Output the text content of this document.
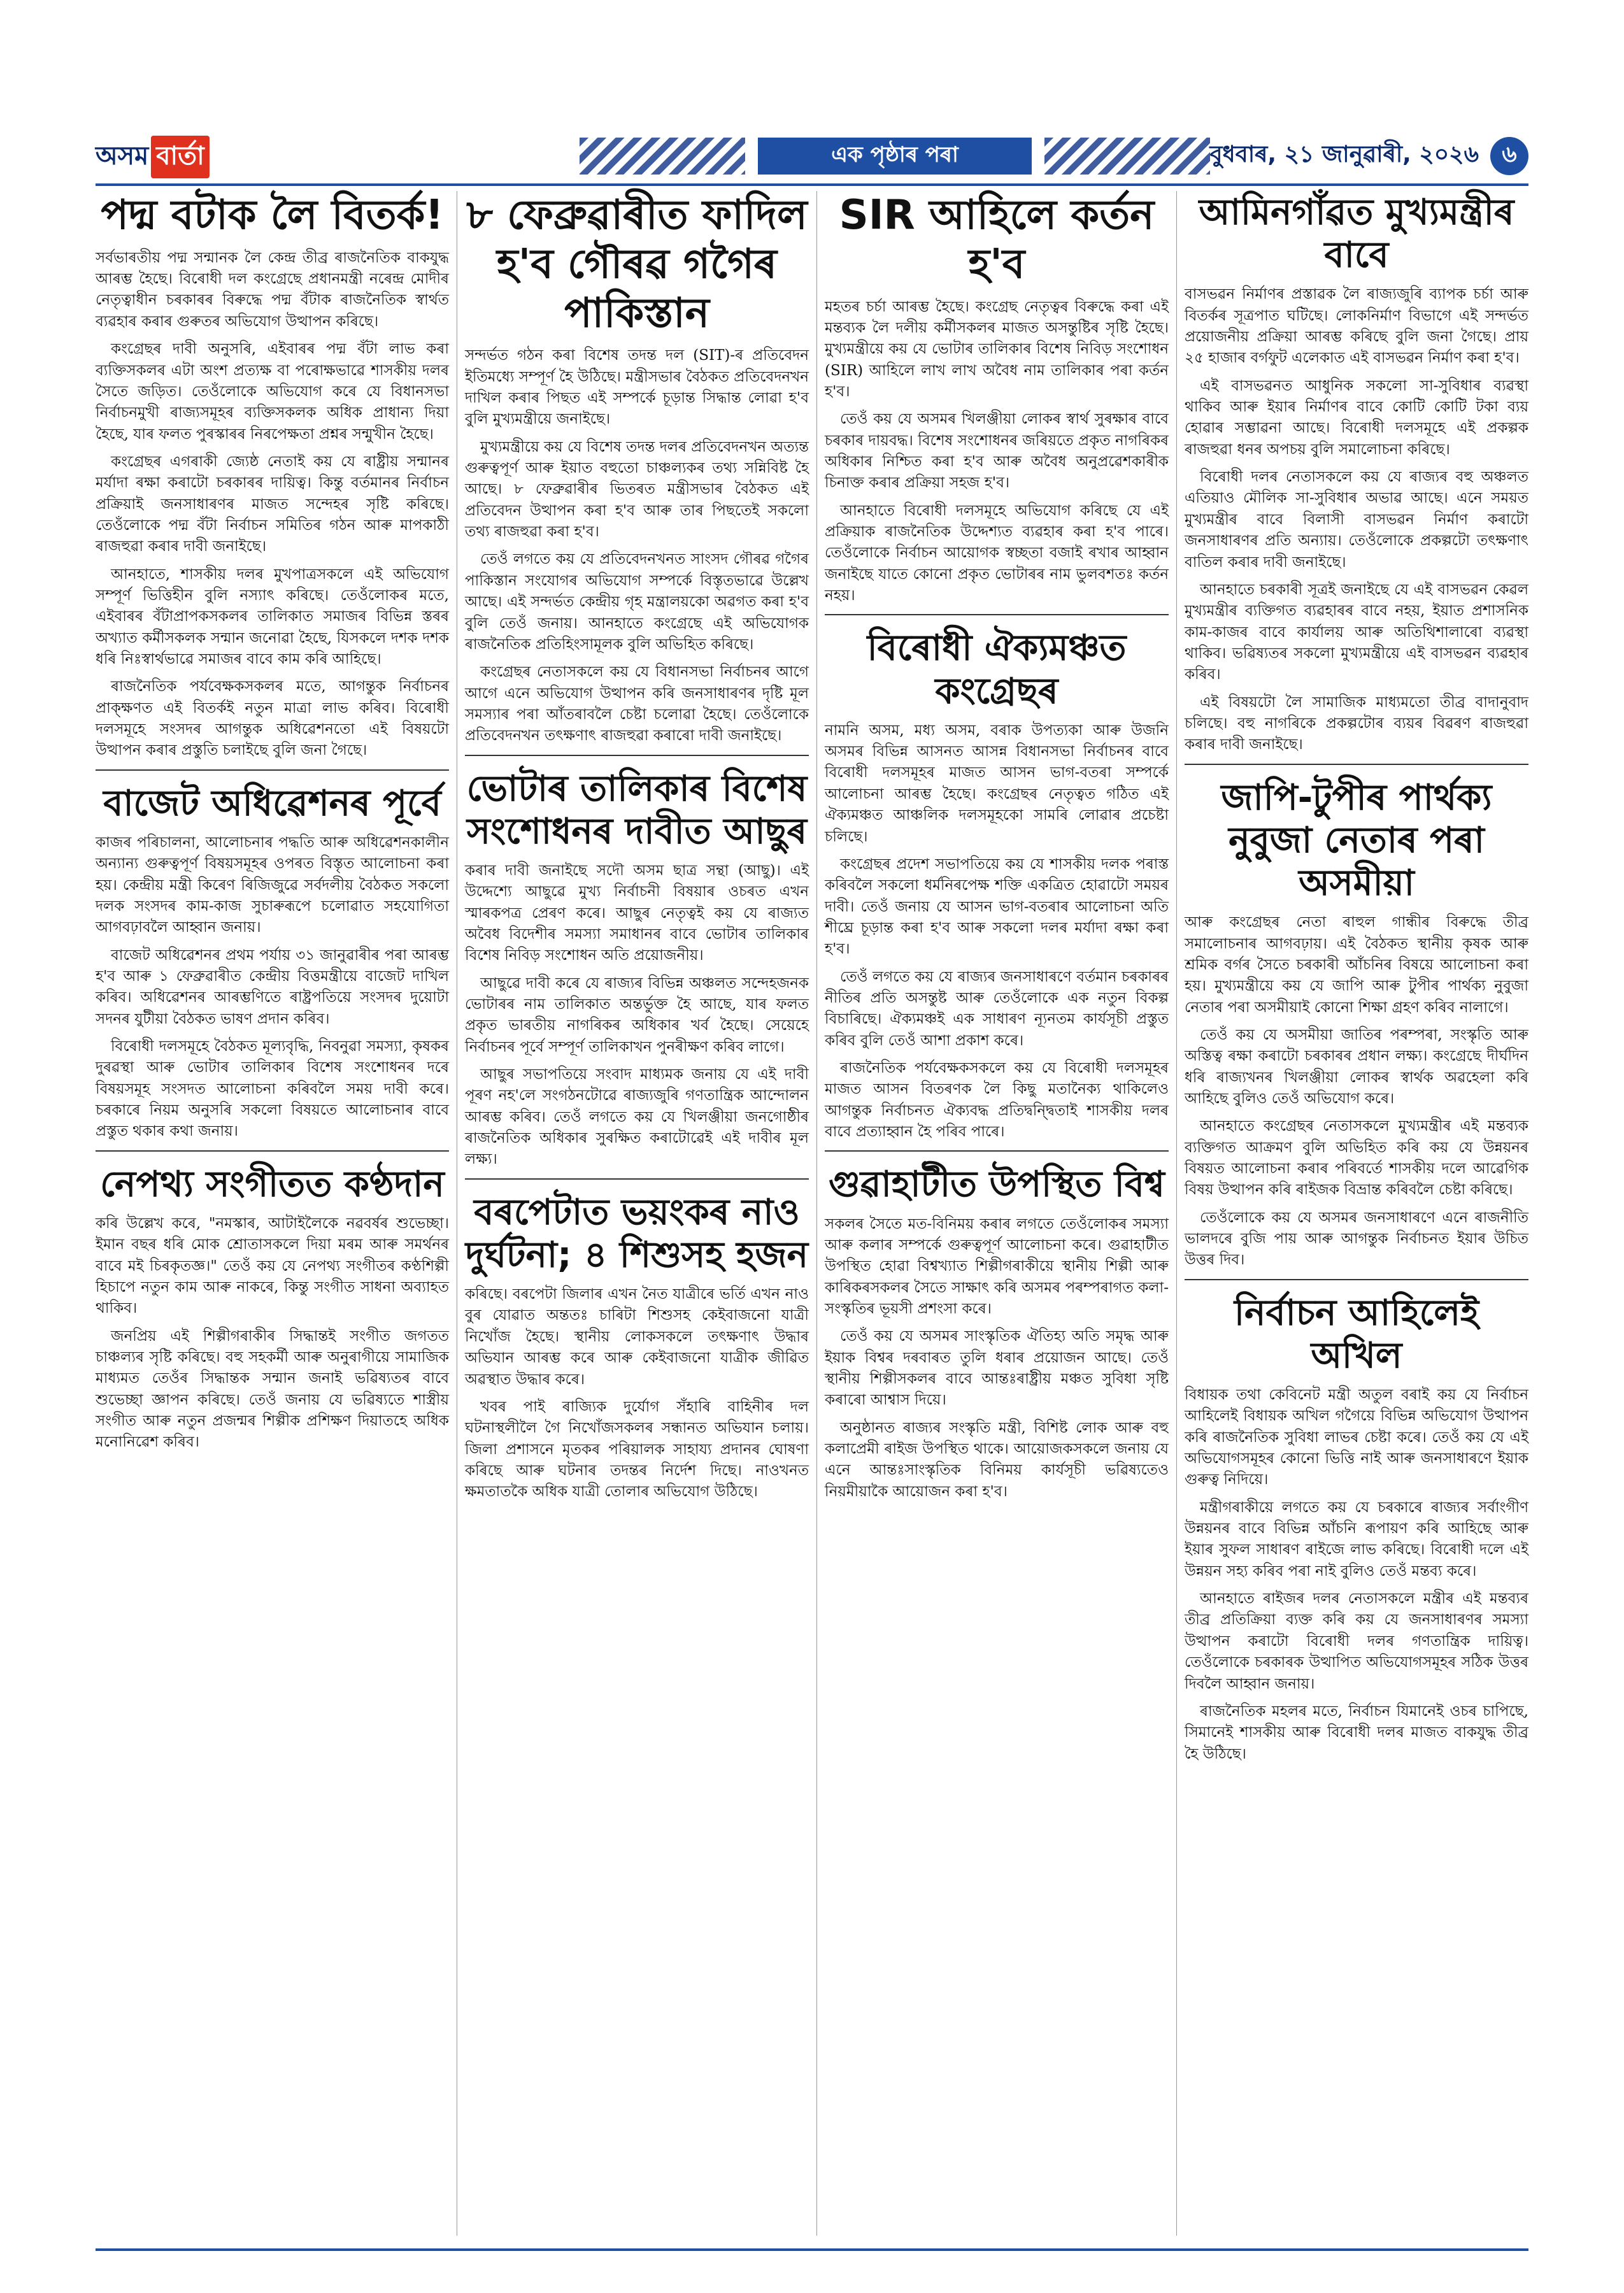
অসম বাৰ্তা	এক পৃষ্ঠাৰ পৰা	বুধবাৰ, ২১ জানুৱাৰী, ২০২৬	৬
পদ্ম বটাক লৈ বিতৰ্ক!

সৰ্বভাৰতীয় পদ্ম সন্মানক লৈ কেন্দ্ৰ তীব্ৰ ৰাজনৈতিক বাকযুদ্ধ আৰম্ভ হৈছে। বিৰোধী দল কংগ্ৰেছে প্ৰধানমন্ত্ৰী নৰেন্দ্ৰ মোদীৰ নেতৃত্বাধীন চৰকাৰৰ বিৰুদ্ধে পদ্ম বঁটাক ৰাজনৈতিক স্বাৰ্থত ব্যৱহাৰ কৰাৰ গুৰুতৰ অভিযোগ উত্থাপন কৰিছে।

কংগ্ৰেছৰ দাবী অনুসৰি, এইবাৰৰ পদ্ম বঁটা লাভ কৰা ব্যক্তিসকলৰ এটা অংশ প্ৰত্যক্ষ বা পৰোক্ষভাৱে শাসকীয় দলৰ সৈতে জড়িত। তেওঁলোকে অভিযোগ কৰে যে বিধানসভা নিৰ্বাচনমুখী ৰাজ্যসমূহৰ ব্যক্তিসকলক অধিক প্ৰাধান্য দিয়া হৈছে, যাৰ ফলত পুৰস্কাৰৰ নিৰপেক্ষতা প্ৰশ্নৰ সন্মুখীন হৈছে।

কংগ্ৰেছৰ এগৰাকী জ্যেষ্ঠ নেতাই কয় যে ৰাষ্ট্ৰীয় সন্মানৰ মৰ্যাদা ৰক্ষা কৰাটো চৰকাৰৰ দায়িত্ব। কিন্তু বৰ্তমানৰ নিৰ্বাচন প্ৰক্ৰিয়াই জনসাধাৰণৰ মাজত সন্দেহৰ সৃষ্টি কৰিছে। তেওঁলোকে পদ্ম বঁটা নিৰ্বাচন সমিতিৰ গঠন আৰু মাপকাঠী ৰাজহুৱা কৰাৰ দাবী জনাইছে।

আনহাতে, শাসকীয় দলৰ মুখপাত্ৰসকলে এই অভিযোগ সম্পূৰ্ণ ভিত্তিহীন বুলি নস্যাৎ কৰিছে। তেওঁলোকৰ মতে, এইবাৰৰ বঁটাপ্ৰাপকসকলৰ তালিকাত সমাজৰ বিভিন্ন স্তৰৰ অখ্যাত কৰ্মীসকলক সন্মান জনোৱা হৈছে, যিসকলে দশক দশক ধৰি নিঃস্বাৰ্থভাৱে সমাজৰ বাবে কাম কৰি আহিছে।

ৰাজনৈতিক পৰ্যবেক্ষকসকলৰ মতে, আগন্তুক নিৰ্বাচনৰ প্ৰাক্ক্ষণত এই বিতৰ্কই নতুন মাত্ৰা লাভ কৰিব। বিৰোধী দলসমূহে সংসদৰ আগন্তুক অধিৱেশনতো এই বিষয়টো উত্থাপন কৰাৰ প্ৰস্তুতি চলাইছে বুলি জনা গৈছে।

বাজেট অধিৱেশনৰ পূৰ্বে

কাজৰ পৰিচালনা, আলোচনাৰ পদ্ধতি আৰু অধিৱেশনকালীন অন্যান্য গুৰুত্বপূৰ্ণ বিষয়সমূহৰ ওপৰত বিস্তৃত আলোচনা কৰা হয়। কেন্দ্ৰীয় মন্ত্ৰী কিৰেণ ৰিজিজুৱে সৰ্বদলীয় বৈঠকত সকলো দলক সংসদৰ কাম-কাজ সুচাৰুৰূপে চলোৱাত সহযোগিতা আগবঢ়াবলৈ আহ্বান জনায়।

বাজেট অধিৱেশনৰ প্ৰথম পৰ্যায় ৩১ জানুৱাৰীৰ পৰা আৰম্ভ হ'ব আৰু ১ ফেব্ৰুৱাৰীত কেন্দ্ৰীয় বিত্তমন্ত্ৰীয়ে বাজেট দাখিল কৰিব। অধিৱেশনৰ আৰম্ভণিতে ৰাষ্ট্ৰপতিয়ে সংসদৰ দুয়োটা সদনৰ যুটীয়া বৈঠকত ভাষণ প্ৰদান কৰিব।

বিৰোধী দলসমূহে বৈঠকত মূল্যবৃদ্ধি, নিবনুৱা সমস্যা, কৃষকৰ দুৰৱস্থা আৰু ভোটাৰ তালিকাৰ বিশেষ সংশোধনৰ দৰে বিষয়সমূহ সংসদত আলোচনা কৰিবলৈ সময় দাবী কৰে। চৰকাৰে নিয়ম অনুসৰি সকলো বিষয়তে আলোচনাৰ বাবে প্ৰস্তুত থকাৰ কথা জনায়।

নেপথ্য সংগীতত কণ্ঠদান

কৰি উল্লেখ কৰে, "নমস্কাৰ, আটাইলৈকে নৱবৰ্ষৰ শুভেচ্ছা। ইমান বছৰ ধৰি মোক শ্ৰোতাসকলে দিয়া মৰম আৰু সমৰ্থনৰ বাবে মই চিৰকৃতজ্ঞ।" তেওঁ কয় যে নেপথ্য সংগীতৰ কণ্ঠশিল্পী হিচাপে নতুন কাম আৰু নাকৰে, কিন্তু সংগীত সাধনা অব্যাহত থাকিব।

জনপ্ৰিয় এই শিল্পীগৰাকীৰ সিদ্ধান্তই সংগীত জগতত চাঞ্চল্যৰ সৃষ্টি কৰিছে। বহু সহকৰ্মী আৰু অনুৰাগীয়ে সামাজিক মাধ্যমত তেওঁৰ সিদ্ধান্তক সন্মান জনাই ভৱিষ্যতৰ বাবে শুভেচ্ছা জ্ঞাপন কৰিছে। তেওঁ জনায় যে ভৱিষ্যতে শাস্ত্ৰীয় সংগীত আৰু নতুন প্ৰজন্মৰ শিল্পীক প্ৰশিক্ষণ দিয়াতহে অধিক মনোনিৱেশ কৰিব।

৮ ফেব্ৰুৱাৰীত ফাদিল হ'ব গৌৰৱ গগৈৰ পাকিস্তান

সন্দৰ্ভত গঠন কৰা বিশেষ তদন্ত দল (SIT)-ৰ প্ৰতিবেদন ইতিমধ্যে সম্পূৰ্ণ হৈ উঠিছে। মন্ত্ৰীসভাৰ বৈঠকত প্ৰতিবেদনখন দাখিল কৰাৰ পিছত এই সম্পৰ্কে চূড়ান্ত সিদ্ধান্ত লোৱা হ'ব বুলি মুখ্যমন্ত্ৰীয়ে জনাইছে।

মুখ্যমন্ত্ৰীয়ে কয় যে বিশেষ তদন্ত দলৰ প্ৰতিবেদনখন অত্যন্ত গুৰুত্বপূৰ্ণ আৰু ইয়াত বহুতো চাঞ্চল্যকৰ তথ্য সন্নিবিষ্ট হৈ আছে। ৮ ফেব্ৰুৱাৰীৰ ভিতৰত মন্ত্ৰীসভাৰ বৈঠকত এই প্ৰতিবেদন উত্থাপন কৰা হ'ব আৰু তাৰ পিছতেই সকলো তথ্য ৰাজহুৱা কৰা হ'ব।

তেওঁ লগতে কয় যে প্ৰতিবেদনখনত সাংসদ গৌৰৱ গগৈৰ পাকিস্তান সংযোগৰ অভিযোগ সম্পৰ্কে বিস্তৃতভাৱে উল্লেখ আছে। এই সন্দৰ্ভত কেন্দ্ৰীয় গৃহ মন্ত্ৰালয়কো অৱগত কৰা হ'ব বুলি তেওঁ জনায়। আনহাতে কংগ্ৰেছে এই অভিযোগক ৰাজনৈতিক প্ৰতিহিংসামূলক বুলি অভিহিত কৰিছে।

কংগ্ৰেছৰ নেতাসকলে কয় যে বিধানসভা নিৰ্বাচনৰ আগে আগে এনে অভিযোগ উত্থাপন কৰি জনসাধাৰণৰ দৃষ্টি মূল সমস্যাৰ পৰা আঁতৰাবলৈ চেষ্টা চলোৱা হৈছে। তেওঁলোকে প্ৰতিবেদনখন তৎক্ষণাৎ ৰাজহুৱা কৰাৰো দাবী জনাইছে।

ভোটাৰ তালিকাৰ বিশেষ সংশোধনৰ দাবীত আছুৰ

কৰাৰ দাবী জনাইছে সদৌ অসম ছাত্ৰ সন্থা (আছু)। এই উদ্দেশ্যে আছুৱে মুখ্য নিৰ্বাচনী বিষয়াৰ ওচৰত এখন স্মাৰকপত্ৰ প্ৰেৰণ কৰে। আছুৰ নেতৃত্বই কয় যে ৰাজ্যত অবৈধ বিদেশীৰ সমস্যা সমাধানৰ বাবে ভোটাৰ তালিকাৰ বিশেষ নিবিড় সংশোধন অতি প্ৰয়োজনীয়।

আছুৱে দাবী কৰে যে ৰাজ্যৰ বিভিন্ন অঞ্চলত সন্দেহজনক ভোটাৰৰ নাম তালিকাত অন্তৰ্ভুক্ত হৈ আছে, যাৰ ফলত প্ৰকৃত ভাৰতীয় নাগৰিকৰ অধিকাৰ খৰ্ব হৈছে। সেয়েহে নিৰ্বাচনৰ পূৰ্বে সম্পূৰ্ণ তালিকাখন পুনৰীক্ষণ কৰিব লাগে।

আছুৰ সভাপতিয়ে সংবাদ মাধ্যমক জনায় যে এই দাবী পূৰণ নহ'লে সংগঠনটোৱে ৰাজ্যজুৰি গণতান্ত্ৰিক আন্দোলন আৰম্ভ কৰিব। তেওঁ লগতে কয় যে খিলঞ্জীয়া জনগোষ্ঠীৰ ৰাজনৈতিক অধিকাৰ সুৰক্ষিত কৰাটোৱেই এই দাবীৰ মূল লক্ষ্য।

বৰপেটাত ভয়ংকৰ নাও দুৰ্ঘটনা; ৪ শিশুসহ হজন

কৰিছে। বৰপেটা জিলাৰ এখন নৈত যাত্ৰীৰে ভৰ্তি এখন নাও বুৰ যোৱাত অন্ততঃ চাৰিটা শিশুসহ কেইবাজনো যাত্ৰী নিখোঁজ হৈছে। স্থানীয় লোকসকলে তৎক্ষণাৎ উদ্ধাৰ অভিযান আৰম্ভ কৰে আৰু কেইবাজনো যাত্ৰীক জীৱিত অৱস্থাত উদ্ধাৰ কৰে।

খবৰ পাই ৰাজ্যিক দুৰ্যোগ সঁহাৰি বাহিনীৰ দল ঘটনাস্থলীলৈ গৈ নিখোঁজসকলৰ সন্ধানত অভিযান চলায়। জিলা প্ৰশাসনে মৃতকৰ পৰিয়ালক সাহায্য প্ৰদানৰ ঘোষণা কৰিছে আৰু ঘটনাৰ তদন্তৰ নিৰ্দেশ দিছে। নাওখনত ক্ষমতাতকৈ অধিক যাত্ৰী তোলাৰ অভিযোগ উঠিছে।

SIR আহিলে কৰ্তন হ'ব

মহতৰ চৰ্চা আৰম্ভ হৈছে। কংগ্ৰেছ নেতৃত্বৰ বিৰুদ্ধে কৰা এই মন্তব্যক লৈ দলীয় কৰ্মীসকলৰ মাজত অসন্তুষ্টিৰ সৃষ্টি হৈছে। মুখ্যমন্ত্ৰীয়ে কয় যে ভোটাৰ তালিকাৰ বিশেষ নিবিড় সংশোধন (SIR) আহিলে লাখ লাখ অবৈধ নাম তালিকাৰ পৰা কৰ্তন হ'ব।

তেওঁ কয় যে অসমৰ খিলঞ্জীয়া লোকৰ স্বাৰ্থ সুৰক্ষাৰ বাবে চৰকাৰ দায়বদ্ধ। বিশেষ সংশোধনৰ জৰিয়তে প্ৰকৃত নাগৰিকৰ অধিকাৰ নিশ্চিত কৰা হ'ব আৰু অবৈধ অনুপ্ৰৱেশকাৰীক চিনাক্ত কৰাৰ প্ৰক্ৰিয়া সহজ হ'ব।

আনহাতে বিৰোধী দলসমূহে অভিযোগ কৰিছে যে এই প্ৰক্ৰিয়াক ৰাজনৈতিক উদ্দেশ্যত ব্যৱহাৰ কৰা হ'ব পাৰে। তেওঁলোকে নিৰ্বাচন আয়োগক স্বচ্ছতা বজাই ৰখাৰ আহ্বান জনাইছে যাতে কোনো প্ৰকৃত ভোটাৰৰ নাম ভুলবশতঃ কৰ্তন নহয়।

বিৰোধী ঐক্যমঞ্চত কংগ্ৰেছৰ

নামনি অসম, মধ্য অসম, বৰাক উপত্যকা আৰু উজনি অসমৰ বিভিন্ন আসনত আসন্ন বিধানসভা নিৰ্বাচনৰ বাবে বিৰোধী দলসমূহৰ মাজত আসন ভাগ-বতৰা সম্পৰ্কে আলোচনা আৰম্ভ হৈছে। কংগ্ৰেছৰ নেতৃত্বত গঠিত এই ঐক্যমঞ্চত আঞ্চলিক দলসমূহকো সামৰি লোৱাৰ প্ৰচেষ্টা চলিছে।

কংগ্ৰেছৰ প্ৰদেশ সভাপতিয়ে কয় যে শাসকীয় দলক পৰাস্ত কৰিবলৈ সকলো ধৰ্মনিৰপেক্ষ শক্তি একত্ৰিত হোৱাটো সময়ৰ দাবী। তেওঁ জনায় যে আসন ভাগ-বতৰাৰ আলোচনা অতি শীঘ্ৰে চূড়ান্ত কৰা হ'ব আৰু সকলো দলৰ মৰ্যাদা ৰক্ষা কৰা হ'ব।

তেওঁ লগতে কয় যে ৰাজ্যৰ জনসাধাৰণে বৰ্তমান চৰকাৰৰ নীতিৰ প্ৰতি অসন্তুষ্ট আৰু তেওঁলোকে এক নতুন বিকল্প বিচাৰিছে। ঐক্যমঞ্চই এক সাধাৰণ ন্যূনতম কাৰ্যসূচী প্ৰস্তুত কৰিব বুলি তেওঁ আশা প্ৰকাশ কৰে।

ৰাজনৈতিক পৰ্যবেক্ষকসকলে কয় যে বিৰোধী দলসমূহৰ মাজত আসন বিতৰণক লৈ কিছু মতানৈক্য থাকিলেও আগন্তুক নিৰ্বাচনত ঐক্যবদ্ধ প্ৰতিদ্বন্দ্বিতাই শাসকীয় দলৰ বাবে প্ৰত্যাহ্বান হৈ পৰিব পাৰে।

গুৱাহাটীত উপস্থিত বিশ্ব

সকলৰ সৈতে মত-বিনিময় কৰাৰ লগতে তেওঁলোকৰ সমস্যা আৰু কলাৰ সম্পৰ্কে গুৰুত্বপূৰ্ণ আলোচনা কৰে। গুৱাহাটীত উপস্থিত হোৱা বিশ্বখ্যাত শিল্পীগৰাকীয়ে স্থানীয় শিল্পী আৰু কাৰিকৰসকলৰ সৈতে সাক্ষাৎ কৰি অসমৰ পৰম্পৰাগত কলা-সংস্কৃতিৰ ভূয়সী প্ৰশংসা কৰে।

তেওঁ কয় যে অসমৰ সাংস্কৃতিক ঐতিহ্য অতি সমৃদ্ধ আৰু ইয়াক বিশ্বৰ দৰবাৰত তুলি ধৰাৰ প্ৰয়োজন আছে। তেওঁ স্থানীয় শিল্পীসকলৰ বাবে আন্তঃৰাষ্ট্ৰীয় মঞ্চত সুবিধা সৃষ্টি কৰাৰো আশ্বাস দিয়ে।

অনুষ্ঠানত ৰাজ্যৰ সংস্কৃতি মন্ত্ৰী, বিশিষ্ট লোক আৰু বহু কলাপ্ৰেমী ৰাইজ উপস্থিত থাকে। আয়োজকসকলে জনায় যে এনে আন্তঃসাংস্কৃতিক বিনিময় কাৰ্যসূচী ভৱিষ্যতেও নিয়মীয়াকৈ আয়োজন কৰা হ'ব।

আমিনগাঁৱত মুখ্যমন্ত্ৰীৰ বাবে

বাসভৱন নিৰ্মাণৰ প্ৰস্তাৱক লৈ ৰাজ্যজুৰি ব্যাপক চৰ্চা আৰু বিতৰ্কৰ সূত্ৰপাত ঘটিছে। লোকনিৰ্মাণ বিভাগে এই সন্দৰ্ভত প্ৰয়োজনীয় প্ৰক্ৰিয়া আৰম্ভ কৰিছে বুলি জনা গৈছে। প্ৰায় ২৫ হাজাৰ বৰ্গফুট এলেকাত এই বাসভৱন নিৰ্মাণ কৰা হ'ব।

এই বাসভৱনত আধুনিক সকলো সা-সুবিধাৰ ব্যৱস্থা থাকিব আৰু ইয়াৰ নিৰ্মাণৰ বাবে কোটি কোটি টকা ব্যয় হোৱাৰ সম্ভাৱনা আছে। বিৰোধী দলসমূহে এই প্ৰকল্পক ৰাজহুৱা ধনৰ অপচয় বুলি সমালোচনা কৰিছে।

বিৰোধী দলৰ নেতাসকলে কয় যে ৰাজ্যৰ বহু অঞ্চলত এতিয়াও মৌলিক সা-সুবিধাৰ অভাৱ আছে। এনে সময়ত মুখ্যমন্ত্ৰীৰ বাবে বিলাসী বাসভৱন নিৰ্মাণ কৰাটো জনসাধাৰণৰ প্ৰতি অন্যায়। তেওঁলোকে প্ৰকল্পটো তৎক্ষণাৎ বাতিল কৰাৰ দাবী জনাইছে।

আনহাতে চৰকাৰী সূত্ৰই জনাইছে যে এই বাসভৱন কেৱল মুখ্যমন্ত্ৰীৰ ব্যক্তিগত ব্যৱহাৰৰ বাবে নহয়, ইয়াত প্ৰশাসনিক কাম-কাজৰ বাবে কাৰ্যালয় আৰু অতিথিশালাৰো ব্যৱস্থা থাকিব। ভৱিষ্যতৰ সকলো মুখ্যমন্ত্ৰীয়ে এই বাসভৱন ব্যৱহাৰ কৰিব।

এই বিষয়টো লৈ সামাজিক মাধ্যমতো তীব্ৰ বাদানুবাদ চলিছে। বহু নাগৰিকে প্ৰকল্পটোৰ ব্যয়ৰ বিৱৰণ ৰাজহুৱা কৰাৰ দাবী জনাইছে।

জাপি-টুপীৰ পাৰ্থক্য নুবুজা নেতাৰ পৰা অসমীয়া

আৰু কংগ্ৰেছৰ নেতা ৰাহুল গান্ধীৰ বিৰুদ্ধে তীব্ৰ সমালোচনাৰ আগবঢ়ায়। এই বৈঠকত স্থানীয় কৃষক আৰু শ্ৰমিক বৰ্গৰ সৈতে চৰকাৰী আঁচনিৰ বিষয়ে আলোচনা কৰা হয়। মুখ্যমন্ত্ৰীয়ে কয় যে জাপি আৰু টুপীৰ পাৰ্থক্য নুবুজা নেতাৰ পৰা অসমীয়াই কোনো শিক্ষা গ্ৰহণ কৰিব নালাগে।

তেওঁ কয় যে অসমীয়া জাতিৰ পৰম্পৰা, সংস্কৃতি আৰু অস্তিত্ব ৰক্ষা কৰাটো চৰকাৰৰ প্ৰধান লক্ষ্য। কংগ্ৰেছে দীৰ্ঘদিন ধৰি ৰাজ্যখনৰ খিলঞ্জীয়া লোকৰ স্বাৰ্থক অৱহেলা কৰি আহিছে বুলিও তেওঁ অভিযোগ কৰে।

আনহাতে কংগ্ৰেছৰ নেতাসকলে মুখ্যমন্ত্ৰীৰ এই মন্তব্যক ব্যক্তিগত আক্ৰমণ বুলি অভিহিত কৰি কয় যে উন্নয়নৰ বিষয়ত আলোচনা কৰাৰ পৰিবৰ্তে শাসকীয় দলে আৱেগিক বিষয় উত্থাপন কৰি ৰাইজক বিভ্ৰান্ত কৰিবলৈ চেষ্টা কৰিছে।

তেওঁলোকে কয় যে অসমৰ জনসাধাৰণে এনে ৰাজনীতি ভালদৰে বুজি পায় আৰু আগন্তুক নিৰ্বাচনত ইয়াৰ উচিত উত্তৰ দিব।

নিৰ্বাচন আহিলেই অখিল

বিধায়ক তথা কেবিনেট মন্ত্ৰী অতুল বৰাই কয় যে নিৰ্বাচন আহিলেই বিধায়ক অখিল গগৈয়ে বিভিন্ন অভিযোগ উত্থাপন কৰি ৰাজনৈতিক সুবিধা লাভৰ চেষ্টা কৰে। তেওঁ কয় যে এই অভিযোগসমূহৰ কোনো ভিত্তি নাই আৰু জনসাধাৰণে ইয়াক গুৰুত্ব নিদিয়ে।

মন্ত্ৰীগৰাকীয়ে লগতে কয় যে চৰকাৰে ৰাজ্যৰ সৰ্বাংগীণ উন্নয়নৰ বাবে বিভিন্ন আঁচনি ৰূপায়ণ কৰি আহিছে আৰু ইয়াৰ সুফল সাধাৰণ ৰাইজে লাভ কৰিছে। বিৰোধী দলে এই উন্নয়ন সহ্য কৰিব পৰা নাই বুলিও তেওঁ মন্তব্য কৰে।

আনহাতে ৰাইজৰ দলৰ নেতাসকলে মন্ত্ৰীৰ এই মন্তব্যৰ তীব্ৰ প্ৰতিক্ৰিয়া ব্যক্ত কৰি কয় যে জনসাধাৰণৰ সমস্যা উত্থাপন কৰাটো বিৰোধী দলৰ গণতান্ত্ৰিক দায়িত্ব। তেওঁলোকে চৰকাৰক উত্থাপিত অভিযোগসমূহৰ সঠিক উত্তৰ দিবলৈ আহ্বান জনায়।

ৰাজনৈতিক মহলৰ মতে, নিৰ্বাচন যিমানেই ওচৰ চাপিছে, সিমানেই শাসকীয় আৰু বিৰোধী দলৰ মাজত বাকযুদ্ধ তীব্ৰ হৈ উঠিছে।
